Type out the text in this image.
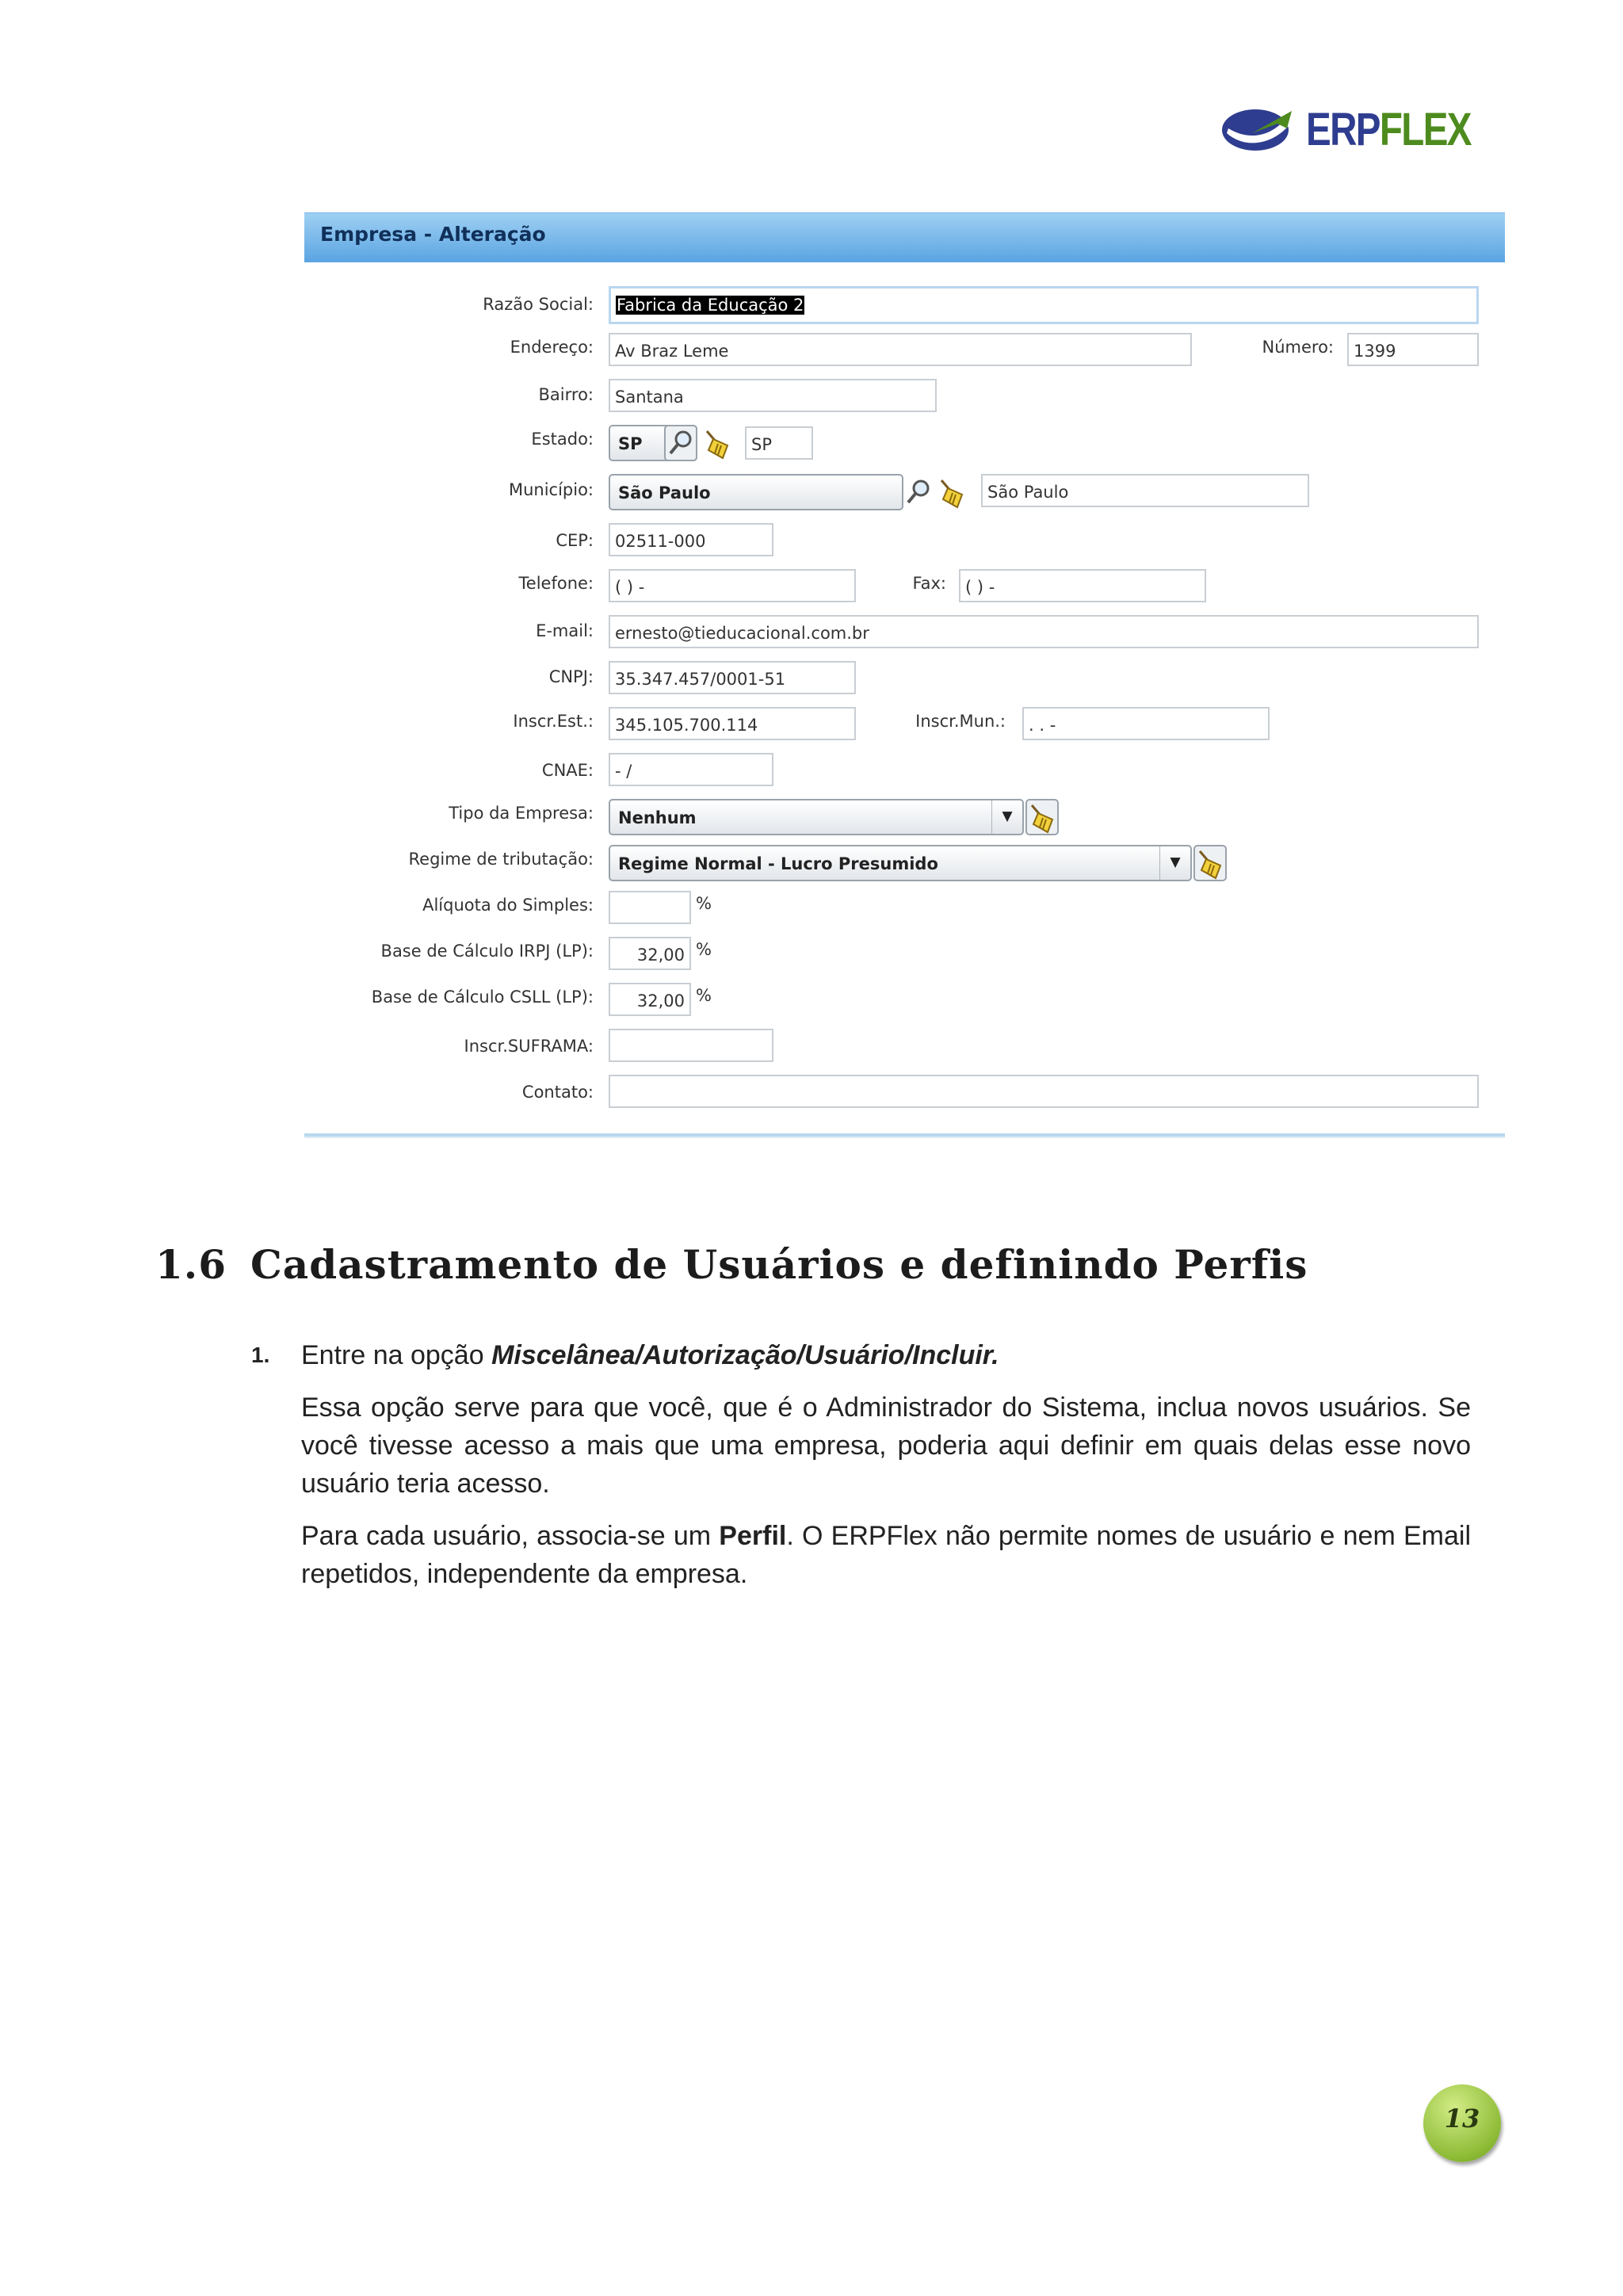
ERPFLEX
Empresa - Alteração
Razão Social:	Fabrica da Educação 2
Endereço:	Av Braz Leme	Número:	1399
Bairro:	Santana
Estado:	SP	SP
Município:	São Paulo	São Paulo
CEP:	02511-000
Telefone:	( ) -	Fax:	( ) -
E-mail:	ernesto@tieducacional.com.br
CNPJ:	35.347.457/0001-51
Inscr.Est.:	345.105.700.114	Inscr.Mun.:	. . -
CNAE:	- /
Tipo da Empresa:	Nenhum	▼
Regime de tributação:	Regime Normal - Lucro Presumido	▼
Alíquota do Simples:	%
Base de Cálculo IRPJ (LP):	32,00 %
Base de Cálculo CSLL (LP):	32,00 %
Inscr.SUFRAMA:
Contato:
1.6 Cadastramento de Usuários e definindo Perfis
1. Entre na opção Miscelânea/Autorização/Usuário/Incluir.
Essa opção serve para que você, que é o Administrador do Sistema, inclua novos usuários. Se você tivesse acesso a mais que uma empresa, poderia aqui definir em quais delas esse novo usuário teria acesso.
Para cada usuário, associa-se um Perfil. O ERPFlex não permite nomes de usuário e nem Email repetidos, independente da empresa.
13
